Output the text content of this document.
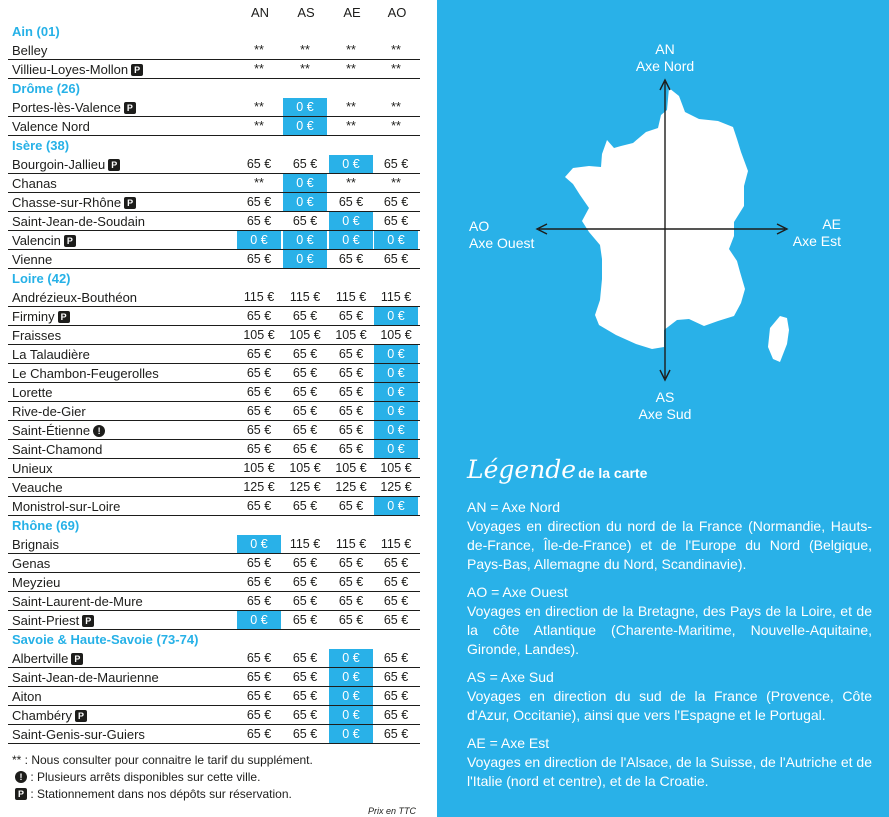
AN	AS	AE	AO
Ain (01)
Belley	**	**	**	**
Villieu-Loyes-Mollon P	**	**	**	**
Drôme (26)
Portes-lès-Valence P	**	0 €	**	**
Valence Nord	**	0 €	**	**
Isère (38)
Bourgoin-Jallieu P	65 €	65 €	0 €	65 €
Chanas	**	0 €	**	**
Chasse-sur-Rhône P	65 €	0 €	65 €	65 €
Saint-Jean-de-Soudain	65 €	65 €	0 €	65 €
Valencin P	0 €	0 €	0 €	0 €
Vienne	65 €	0 €	65 €	65 €
Loire (42)
Andrézieux-Bouthéon	115 €	115 €	115 €	115 €
Firminy P	65 €	65 €	65 €	0 €
Fraisses	105 €	105 €	105 €	105 €
La Talaudière	65 €	65 €	65 €	0 €
Le Chambon-Feugerolles	65 €	65 €	65 €	0 €
Lorette	65 €	65 €	65 €	0 €
Rive-de-Gier	65 €	65 €	65 €	0 €
Saint-Étienne !	65 €	65 €	65 €	0 €
Saint-Chamond	65 €	65 €	65 €	0 €
Unieux	105 €	105 €	105 €	105 €
Veauche	125 €	125 €	125 €	125 €
Monistrol-sur-Loire	65 €	65 €	65 €	0 €
Rhône (69)
Brignais	0 €	115 €	115 €	115 €
Genas	65 €	65 €	65 €	65 €
Meyzieu	65 €	65 €	65 €	65 €
Saint-Laurent-de-Mure	65 €	65 €	65 €	65 €
Saint-Priest P	0 €	65 €	65 €	65 €
Savoie & Haute-Savoie (73-74)
Albertville P	65 €	65 €	0 €	65 €
Saint-Jean-de-Maurienne	65 €	65 €	0 €	65 €
Aiton	65 €	65 €	0 €	65 €
Chambéry P	65 €	65 €	0 €	65 €
Saint-Genis-sur-Guiers	65 €	65 €	0 €	65 €
** : Nous consulter pour connaitre le tarif du supplément.
! : Plusieurs arrêts disponibles sur cette ville.
P : Stationnement dans nos dépôts sur réservation.
Prix en TTC
AN
Axe Nord
AO
Axe Ouest
AE
Axe Est
AS
Axe Sud
Légende de la carte
AN = Axe Nord
Voyages en direction du nord de la France (Normandie, Hauts-de-France, Île-de-France) et de l'Europe du Nord (Belgique, Pays-Bas, Allemagne du Nord, Scandinavie).
AO = Axe Ouest
Voyages en direction de la Bretagne, des Pays de la Loire, et de la côte Atlantique (Charente-Maritime, Nouvelle-Aquitaine, Gironde, Landes).
AS = Axe Sud
Voyages en direction du sud de la France (Provence, Côte d'Azur, Occitanie), ainsi que vers l'Espagne et le Portugal.
AE = Axe Est
Voyages en direction de l'Alsace, de la Suisse, de l'Autriche et de l'Italie (nord et centre), et de la Croatie.
